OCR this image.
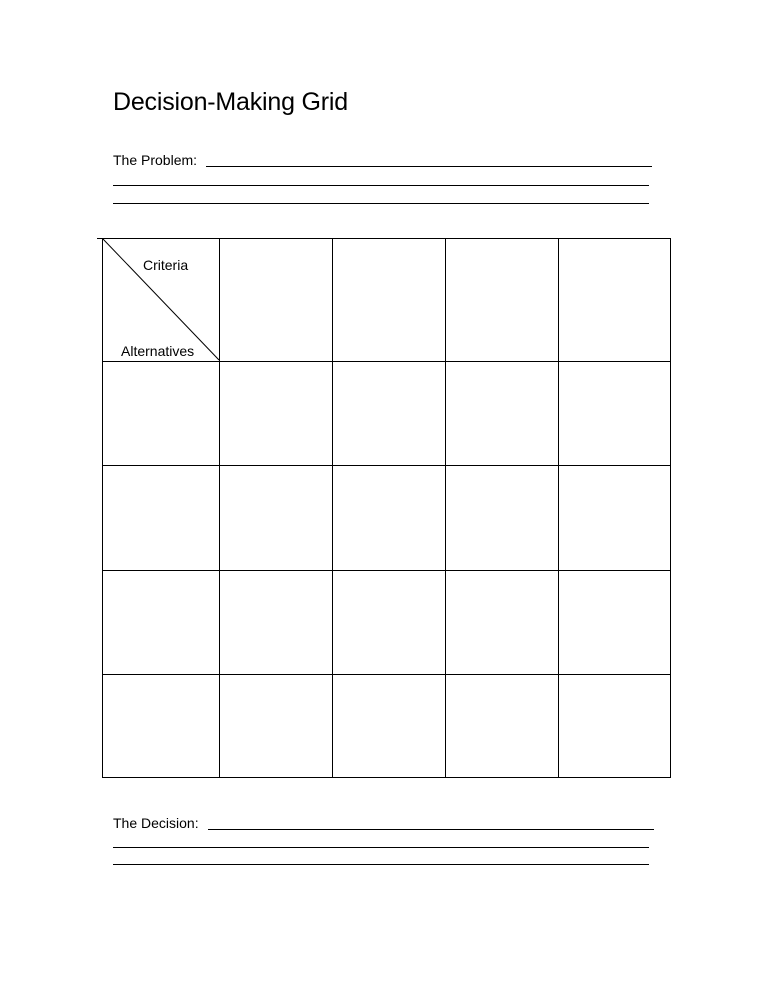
Decision-Making Grid
The Problem:
Criteria
Alternatives
The Decision:
